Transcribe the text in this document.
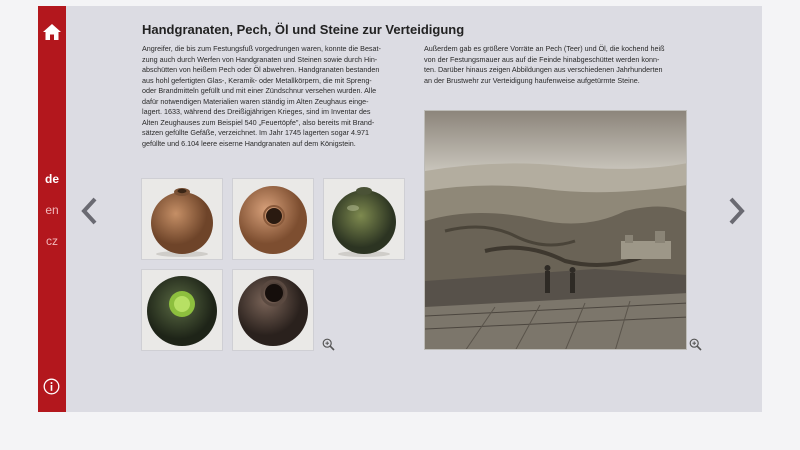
de
en
cz
Handgranaten, Pech, Öl und Steine zur Verteidigung
Angreifer, die bis zum Festungsfuß vorgedrungen waren, konnte die Besat-
zung auch durch Werfen von Handgranaten und Steinen sowie durch Hin-
abschütten von heißem Pech oder Öl abwehren. Handgranaten bestanden
aus hohl gefertigten Glas-, Keramik- oder Metallkörpern, die mit Spreng-
oder Brandmitteln gefüllt und mit einer Zündschnur versehen wurden. Alle
dafür notwendigen Materialien waren ständig im Alten Zeughaus einge-
lagert. 1633, während des Dreißigjährigen Krieges, sind im Inventar des
Alten Zeughauses zum Beispiel 540 „Feuertöpfe", also bereits mit Brand-
sätzen gefüllte Gefäße, verzeichnet. Im Jahr 1745 lagerten sogar 4.971
gefüllte und 6.104 leere eiserne Handgranaten auf dem Königstein.
Außerdem gab es größere Vorräte an Pech (Teer) und Öl, die kochend heiß
von der Festungsmauer aus auf die Feinde hinabgeschüttet werden konn-
ten. Darüber hinaus zeigen Abbildungen aus verschiedenen Jahrhunderten
an der Brustwehr zur Verteidigung haufenweise aufgetürmte Steine.
